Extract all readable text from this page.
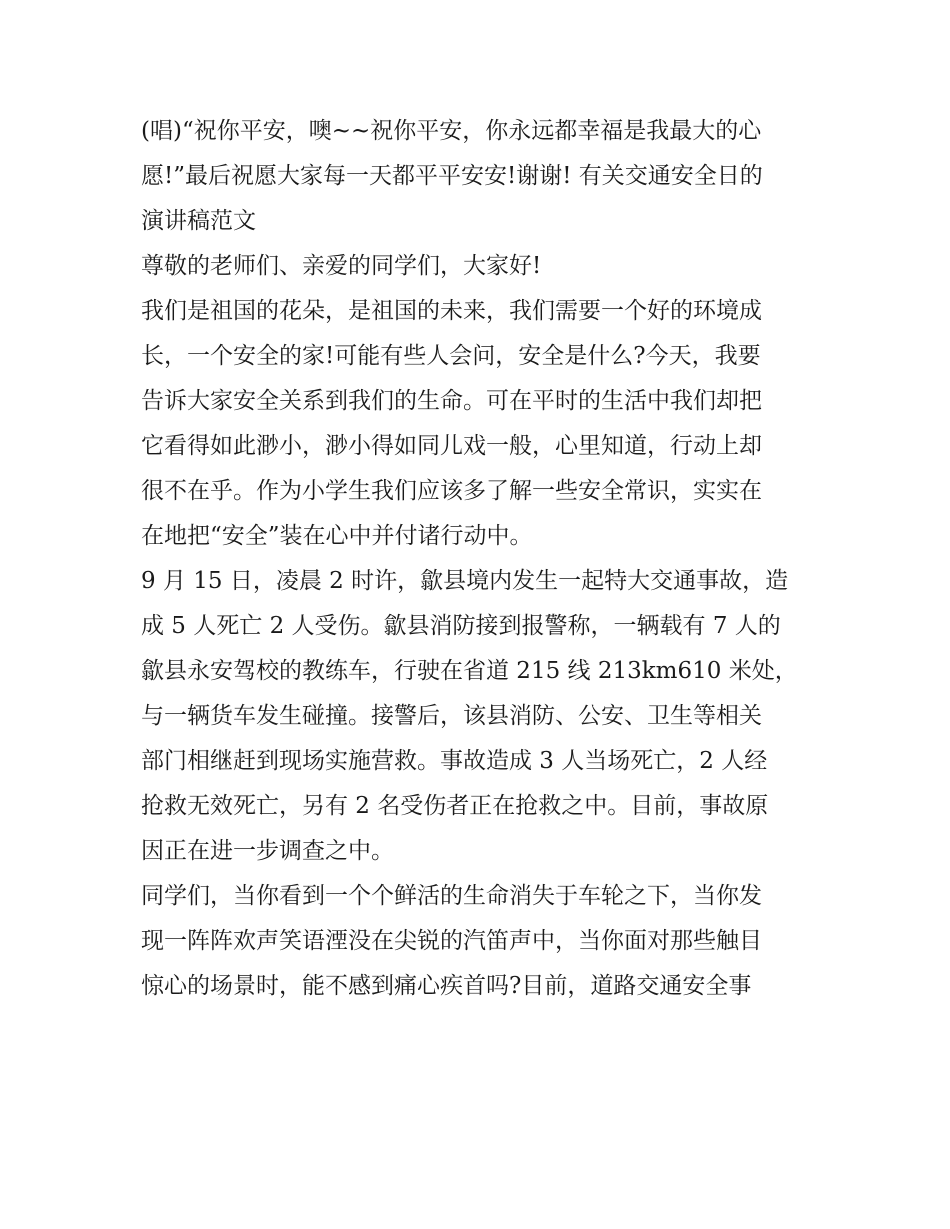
(唱)“祝你平安，噢~~祝你平安，你永远都幸福是我最大的心
愿!”最后祝愿大家每一天都平平安安!谢谢! 有关交通安全日的
演讲稿范文
尊敬的老师们、亲爱的同学们，大家好!
我们是祖国的花朵，是祖国的未来，我们需要一个好的环境成
长，一个安全的家!可能有些人会问，安全是什么?今天，我要
告诉大家安全关系到我们的生命。可在平时的生活中我们却把
它看得如此渺小，渺小得如同儿戏一般，心里知道，行动上却
很不在乎。作为小学生我们应该多了解一些安全常识，实实在
在地把“安全”装在心中并付诸行动中。
9 月 15 日，凌晨 2 时许，歙县境内发生一起特大交通事故，造
成 5 人死亡 2 人受伤。歙县消防接到报警称，一辆载有 7 人的
歙县永安驾校的教练车，行驶在省道 215 线 213km610 米处，
与一辆货车发生碰撞。接警后，该县消防、公安、卫生等相关
部门相继赶到现场实施营救。事故造成 3 人当场死亡，2 人经
抢救无效死亡，另有 2 名受伤者正在抢救之中。目前，事故原
因正在进一步调查之中。
同学们，当你看到一个个鲜活的生命消失于车轮之下，当你发
现一阵阵欢声笑语湮没在尖锐的汽笛声中，当你面对那些触目
惊心的场景时，能不感到痛心疾首吗?目前，道路交通安全事
